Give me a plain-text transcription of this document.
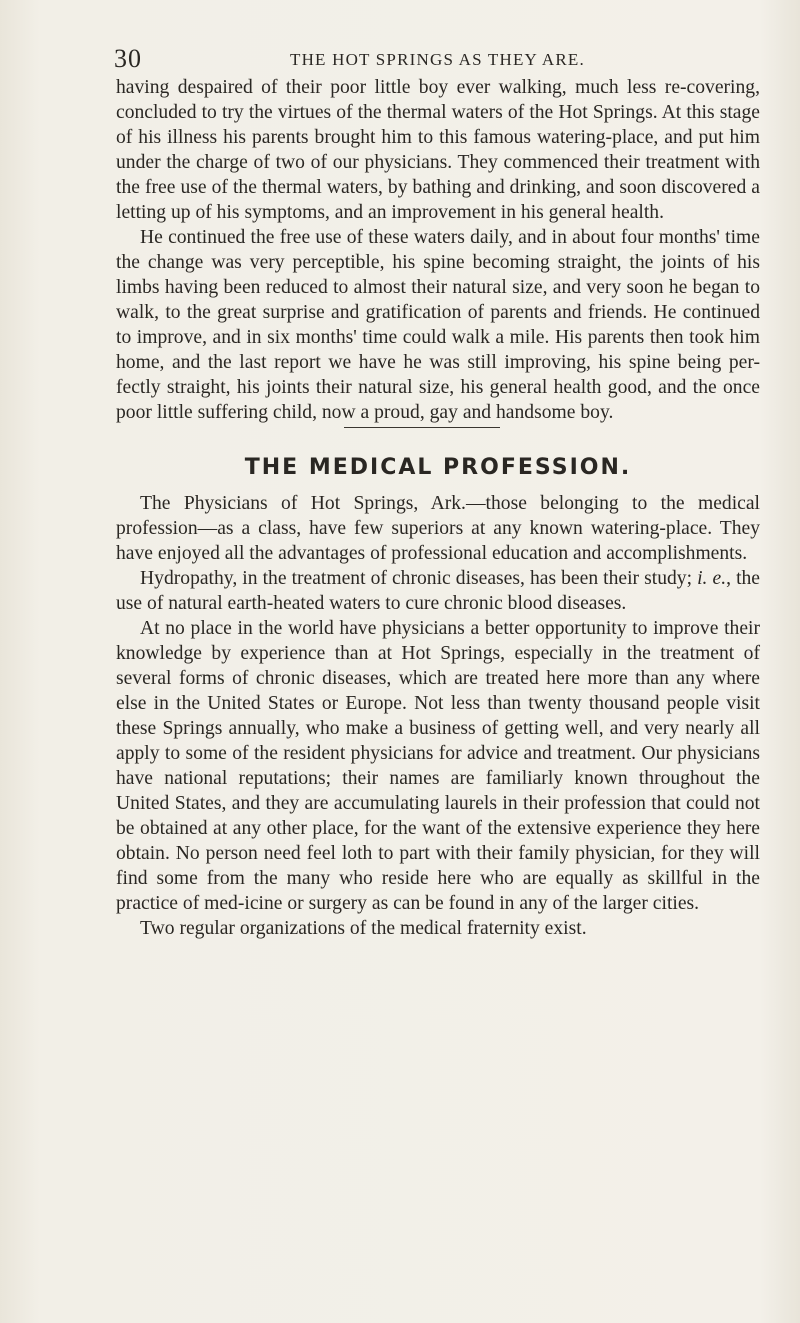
30	THE HOT SPRINGS AS THEY ARE.

having despaired of their poor little boy ever walking, much less re-covering, concluded to try the virtues of the thermal waters of the Hot Springs. At this stage of his illness his parents brought him to this famous watering-place, and put him under the charge of two of our physicians. They commenced their treatment with the free use of the thermal waters, by bathing and drinking, and soon discovered a letting up of his symptoms, and an improvement in his general health.

He continued the free use of these waters daily, and in about four months' time the change was very perceptible, his spine becoming straight, the joints of his limbs having been reduced to almost their natural size, and very soon he began to walk, to the great surprise and gratification of parents and friends. He continued to improve, and in six months' time could walk a mile. His parents then took him home, and the last report we have he was still improving, his spine being per-fectly straight, his joints their natural size, his general health good, and the once poor little suffering child, now a proud, gay and handsome boy.

THE MEDICAL PROFESSION.

The Physicians of Hot Springs, Ark.—those belonging to the medical profession—as a class, have few superiors at any known watering-place. They have enjoyed all the advantages of professional education and accomplishments.

Hydropathy, in the treatment of chronic diseases, has been their study; i. e., the use of natural earth-heated waters to cure chronic blood diseases.

At no place in the world have physicians a better opportunity to improve their knowledge by experience than at Hot Springs, especially in the treatment of several forms of chronic diseases, which are treated here more than any where else in the United States or Europe. Not less than twenty thousand people visit these Springs annually, who make a business of getting well, and very nearly all apply to some of the resident physicians for advice and treatment. Our physicians have national reputations; their names are familiarly known throughout the United States, and they are accumulating laurels in their profession that could not be obtained at any other place, for the want of the extensive experience they here obtain. No person need feel loth to part with their family physician, for they will find some from the many who reside here who are equally as skillful in the practice of med-icine or surgery as can be found in any of the larger cities.

Two regular organizations of the medical fraternity exist.
